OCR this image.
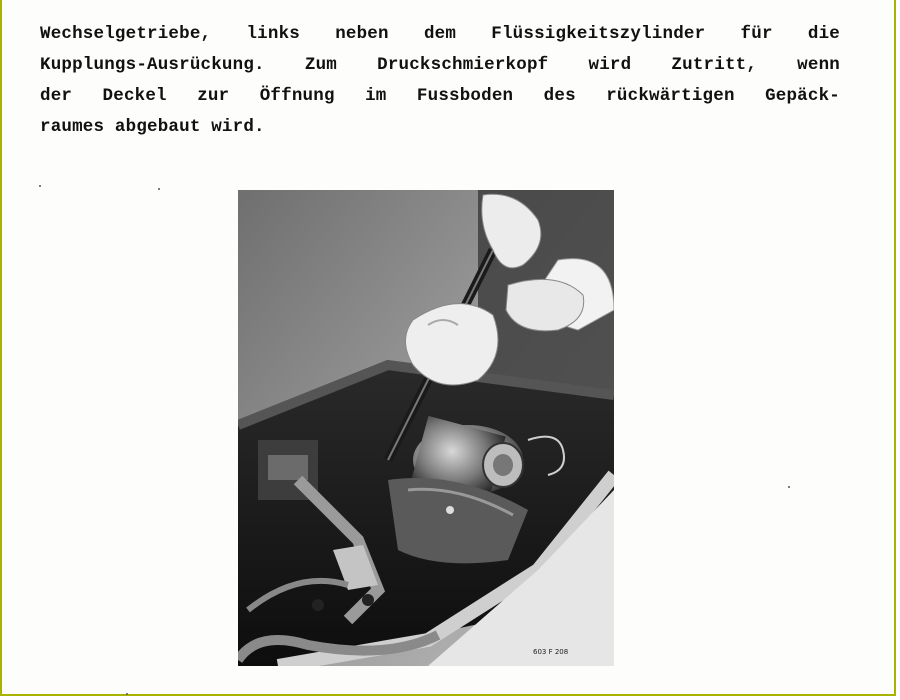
Wechselgetriebe, links neben dem Flüssigkeitszylinder für die
Kupplungs-Ausrückung. Zum Druckschmierkopf wird Zutritt, wenn
der Deckel zur Öffnung im Fussboden des rückwärtigen Gepäck-
raumes abgebaut wird.
603 F 208
